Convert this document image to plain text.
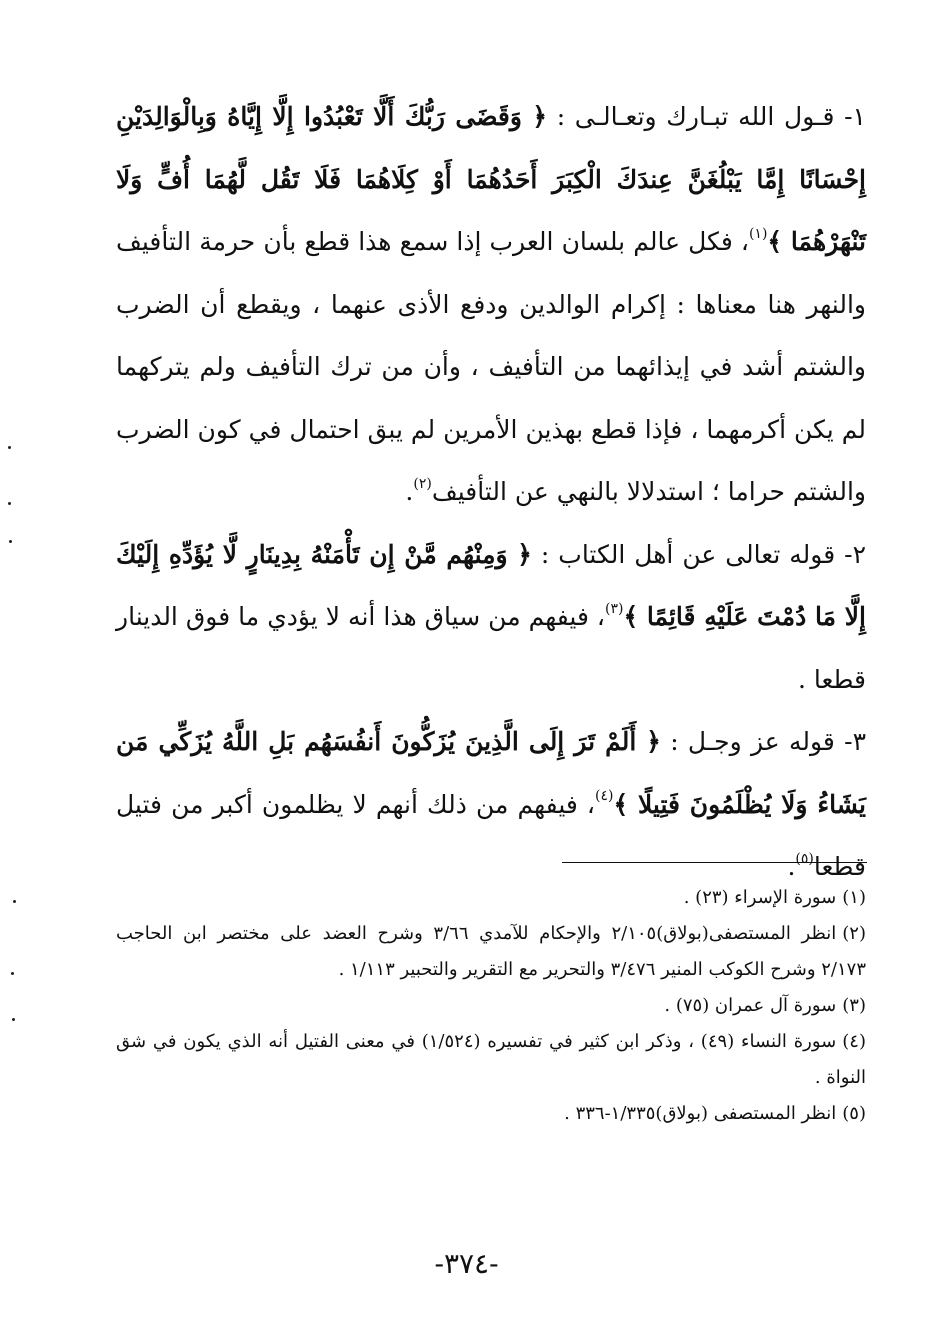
١- قـول الله تبـارك وتعـالـى : ﴿ وَقَضَى رَبُّكَ أَلَّا تَعْبُدُوا إِلَّا إِيَّاهُ وَبِالْوَالِدَيْنِ إِحْسَانًا إِمَّا يَبْلُغَنَّ عِندَكَ الْكِبَرَ أَحَدُهُمَا أَوْ كِلَاهُمَا فَلَا تَقُل لَّهُمَا أُفٍّ وَلَا تَنْهَرْهُمَا ﴾$^{(١)}$، فكل عالم بلسان العرب إذا سمع هذا قطع بأن حرمة التأفيف والنهر هنا معناها : إكرام الوالدين ودفع الأذى عنهما ، ويقطع أن الضرب والشتم أشد في إيذائهما من التأفيف ، وأن من ترك التأفيف ولم يتركهما لم يكن أكرمهما ، فإذا قطع بهذين الأمرين لم يبق احتمال في كون الضرب والشتم حراما ؛ استدلالا بالنهي عن التأفيف$^{(٢)}$.

٢- قوله تعالى عن أهل الكتاب : ﴿ وَمِنْهُم مَّنْ إِن تَأْمَنْهُ بِدِينَارٍ لَّا يُؤَدِّهِ إِلَيْكَ إِلَّا مَا دُمْتَ عَلَيْهِ قَائِمًا ﴾$^{(٣)}$، فيفهم من سياق هذا أنه لا يؤدي ما فوق الدينار قطعا .

٣- قوله عز وجـل : ﴿ أَلَمْ تَرَ إِلَى الَّذِينَ يُزَكُّونَ أَنفُسَهُم بَلِ اللَّهُ يُزَكِّي مَن يَشَاءُ وَلَا يُظْلَمُونَ فَتِيلًا ﴾$^{(٤)}$، فيفهم من ذلك أنهم لا يظلمون أكبر من فتيل قطعا$^{(٥)}$.

(١)سورة الإسراء (٢٣) .

(٢)انظر المستصفى(بولاق)٢/١٠٥ والإحكام للآمدي ٣/٦٦ وشرح العضد على مختصر ابن الحاجب ٢/١٧٣ وشرح الكوكب المنير ٣/٤٧٦ والتحرير مع التقرير والتحبير ١/١١٣ .

(٣)سورة آل عمران (٧٥) .

(٤)سورة النساء (٤٩) ، وذكر ابن كثير في تفسيره (١/٥٢٤) في معنى الفتيل أنه الذي يكون في شق النواة .

(٥)انظر المستصفى (بولاق)١/٣٣٥-٣٣٦ .

-٣٧٤-
